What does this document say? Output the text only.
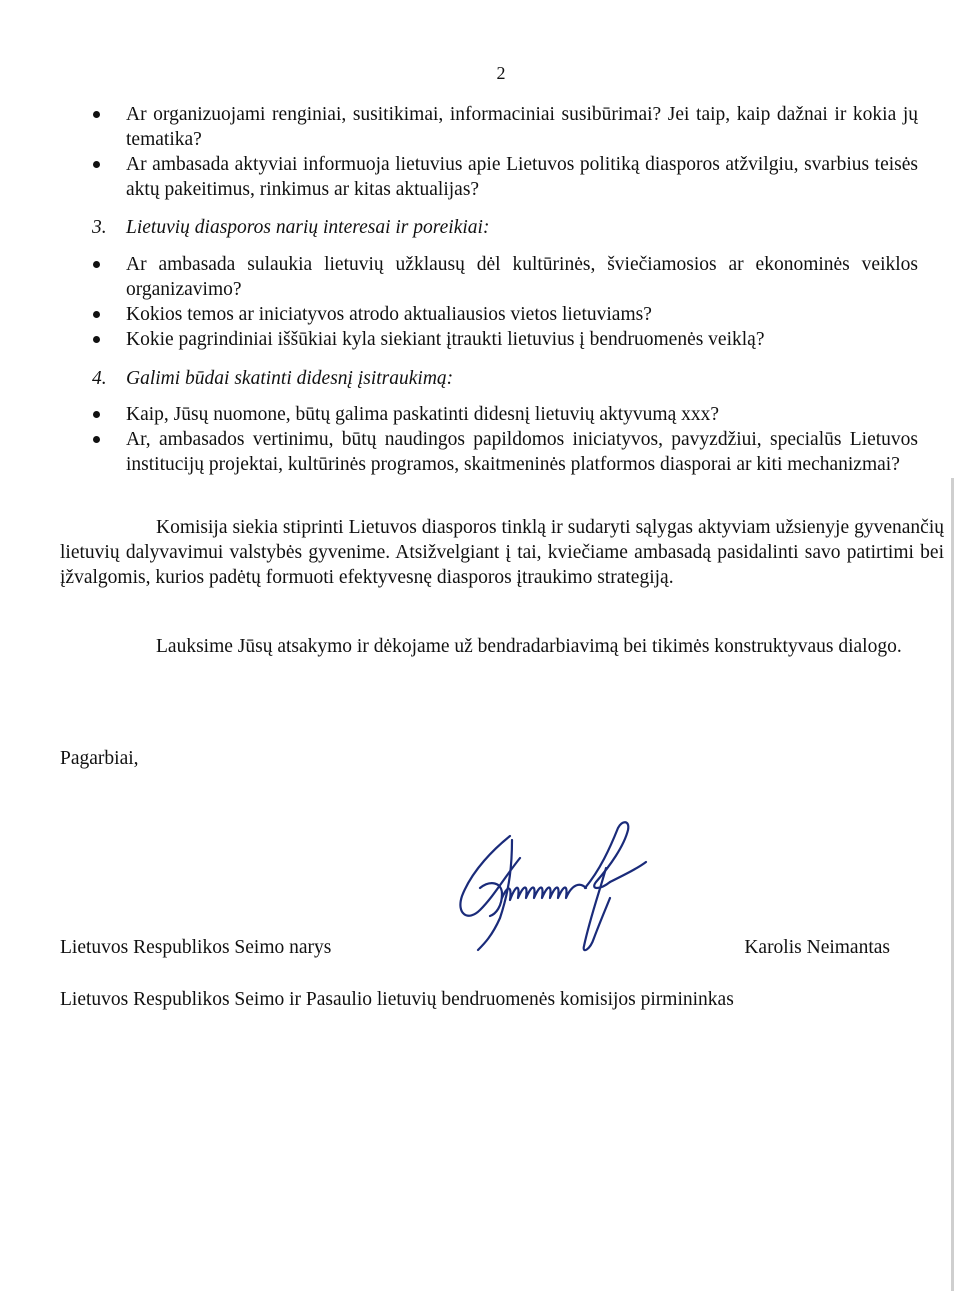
2
Ar organizuojami renginiai, susitikimai, informaciniai susibūrimai? Jei taip, kaip dažnai ir kokia jų tematika?
Ar ambasada aktyviai informuoja lietuvius apie Lietuvos politiką diasporos atžvilgiu, svarbius teisės aktų pakeitimus, rinkimus ar kitas aktualijas?
3. Lietuvių diasporos narių interesai ir poreikiai:
Ar ambasada sulaukia lietuvių užklausų dėl kultūrinės, šviečiamosios ar ekonominės veiklos organizavimo?
Kokios temos ar iniciatyvos atrodo aktualiausios vietos lietuviams?
Kokie pagrindiniai iššūkiai kyla siekiant įtraukti lietuvius į bendruomenės veiklą?
4. Galimi būdai skatinti didesnį įsitraukimą:
Kaip, Jūsų nuomone, būtų galima paskatinti didesnį lietuvių aktyvumą xxx?
Ar, ambasados vertinimu, būtų naudingos papildomos iniciatyvos, pavyzdžiui, specialūs Lietuvos institucijų projektai, kultūrinės programos, skaitmeninės platformos diasporai ar kiti mechanizmai?
Komisija siekia stiprinti Lietuvos diasporos tinklą ir sudaryti sąlygas aktyviam užsienyje gyvenančių lietuvių dalyvavimui valstybės gyvenime. Atsižvelgiant į tai, kviečiame ambasadą pasidalinti savo patirtimi bei įžvalgomis, kurios padėtų formuoti efektyvesnę diasporos įtraukimo strategiją.
Lauksime Jūsų atsakymo ir dėkojame už bendradarbiavimą bei tikimės konstruktyvaus dialogo.
Pagarbiai,
Lietuvos Respublikos Seimo narys	Karolis Neimantas
Lietuvos Respublikos Seimo ir Pasaulio lietuvių bendruomenės komisijos pirmininkas
